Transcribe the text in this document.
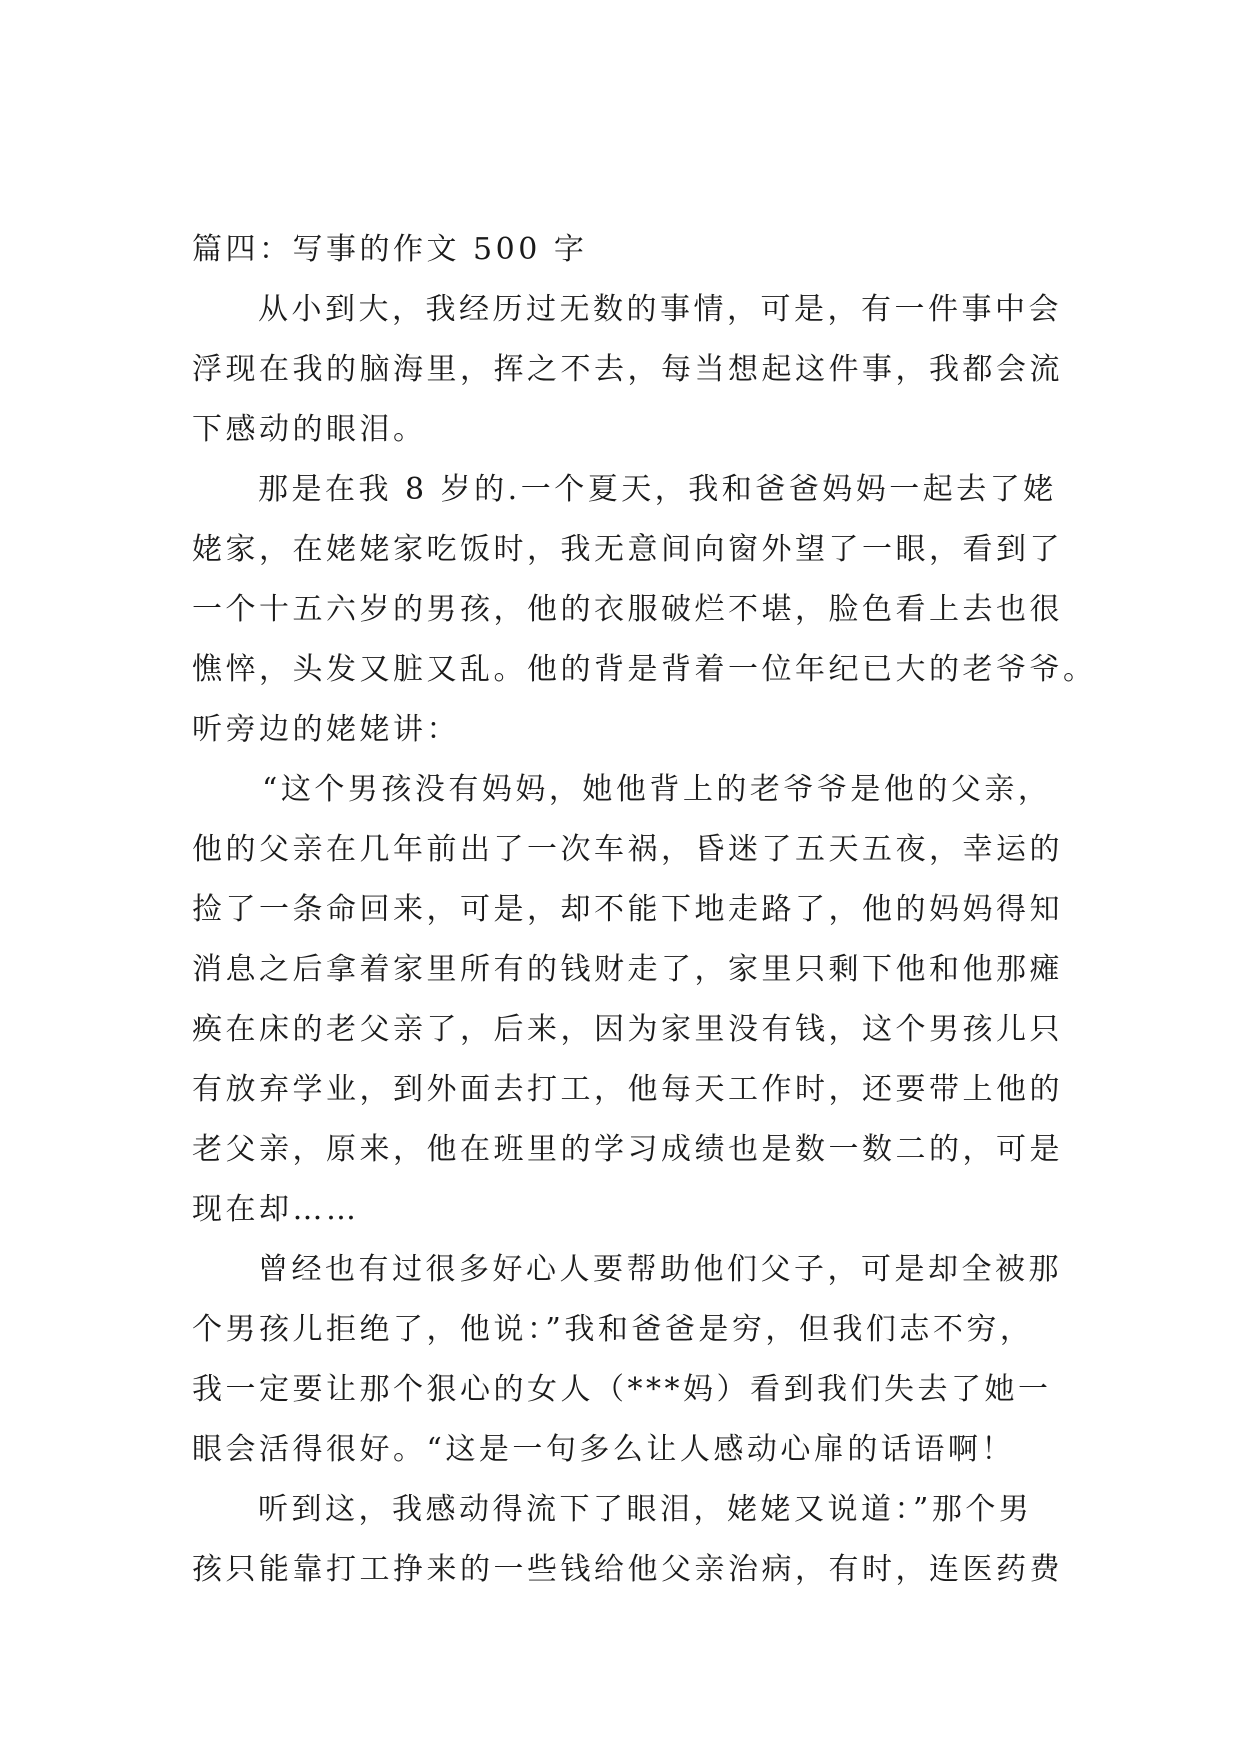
篇四：写事的作文 500 字
从小到大，我经历过无数的事情，可是，有一件事中会
浮现在我的脑海里，挥之不去，每当想起这件事，我都会流
下感动的眼泪。
那是在我 8 岁的.一个夏天，我和爸爸妈妈一起去了姥
姥家，在姥姥家吃饭时，我无意间向窗外望了一眼，看到了
一个十五六岁的男孩，他的衣服破烂不堪，脸色看上去也很
憔悴，头发又脏又乱。他的背是背着一位年纪已大的老爷爷。
听旁边的姥姥讲：
“这个男孩没有妈妈，她他背上的老爷爷是他的父亲，
他的父亲在几年前出了一次车祸，昏迷了五天五夜，幸运的
捡了一条命回来，可是，却不能下地走路了，他的妈妈得知
消息之后拿着家里所有的钱财走了，家里只剩下他和他那瘫
痪在床的老父亲了，后来，因为家里没有钱，这个男孩儿只
有放弃学业，到外面去打工，他每天工作时，还要带上他的
老父亲，原来，他在班里的学习成绩也是数一数二的，可是
现在却……
曾经也有过很多好心人要帮助他们父子，可是却全被那
个男孩儿拒绝了，他说：”我和爸爸是穷，但我们志不穷，
我一定要让那个狠心的女人（***妈）看到我们失去了她一
眼会活得很好。“这是一句多么让人感动心扉的话语啊！
听到这，我感动得流下了眼泪，姥姥又说道：”那个男
孩只能靠打工挣来的一些钱给他父亲治病，有时，连医药费
